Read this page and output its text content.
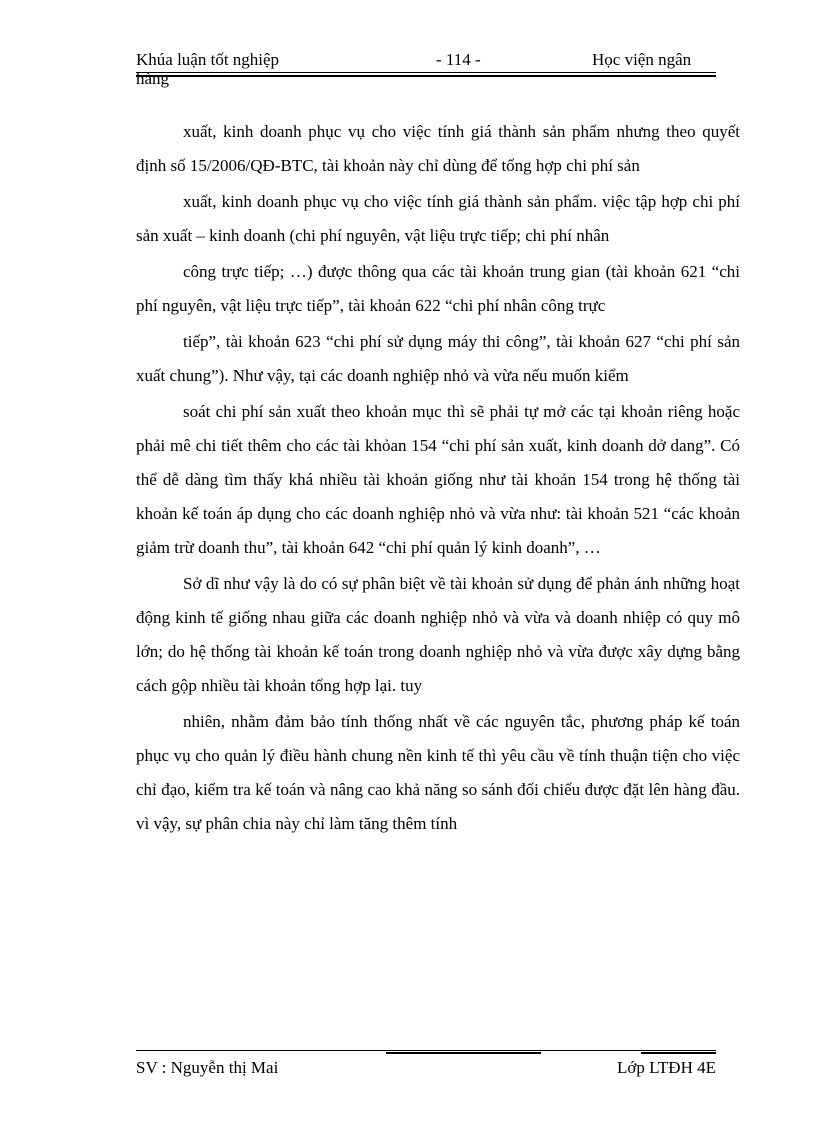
Khúa luận tốt nghiệp hàng
- 114 -	Học viện ngân

xuất, kinh doanh phục vụ cho việc tính giá thành sản phẩm nhưng theo quyết định số 15/2006/QĐ-BTC, tài khoản này chỉ dùng để tổng hợp chi phí sản

xuất, kinh doanh phục vụ cho việc tính giá thành sản phẩm. việc tập hợp chi phí sản xuất – kinh doanh (chi phí nguyên, vật liệu trực tiếp; chi phí nhân

công trực tiếp; …) được thông qua các tài khoản trung gian (tài khoản 621 “chi phí nguyên, vật liệu trực tiếp”, tài khoản 622 “chi phí nhân công trực

tiếp”, tài khoản 623 “chi phí sử dụng máy thi công”, tài khoản 627 “chi phí sản xuất chung”). Như vậy, tại các doanh nghiệp nhỏ và vừa nếu muốn kiểm

soát chi phí sản xuất theo khoản mục thì sẽ phải tự mở các tại khoản riêng hoặc phải mê chi tiết thêm cho các tài khỏan 154 “chi phí sản xuất, kinh doanh dở dang”. Có thể dễ dàng tìm thấy khá nhiều tài khoản giống như tài khoản 154 trong hệ thống tài khoản kế toán áp dụng cho các doanh nghiệp nhỏ và vừa như: tài khoản 521 “các khoản giảm trừ doanh thu”, tài khoản 642 “chi phí quản lý kinh doanh”, …

Sở dĩ như vậy là do có sự phân biệt về tài khoản sử dụng để phản ánh những hoạt động kinh tế giống nhau giữa các doanh nghiệp nhỏ và vừa và doanh nhiệp có quy mô lớn; do hệ thống tài khoản kế toán trong doanh nghiệp nhỏ và vừa được xây dựng bằng cách gộp nhiều tài khoản tổng hợp lại. tuy

nhiên, nhằm đảm bảo tính thống nhất về các nguyên tắc, phương pháp kế toán phục vụ cho quản lý điều hành chung nền kinh tế thì yêu cầu về tính thuận tiện cho việc chỉ đạo, kiểm tra kế toán và nâng cao khả năng so sánh đối chiếu được đặt lên hàng đầu. vì vậy, sự phân chia này chỉ làm tăng thêm tính

SV : Nguyễn thị Mai	Lớp LTĐH 4E
